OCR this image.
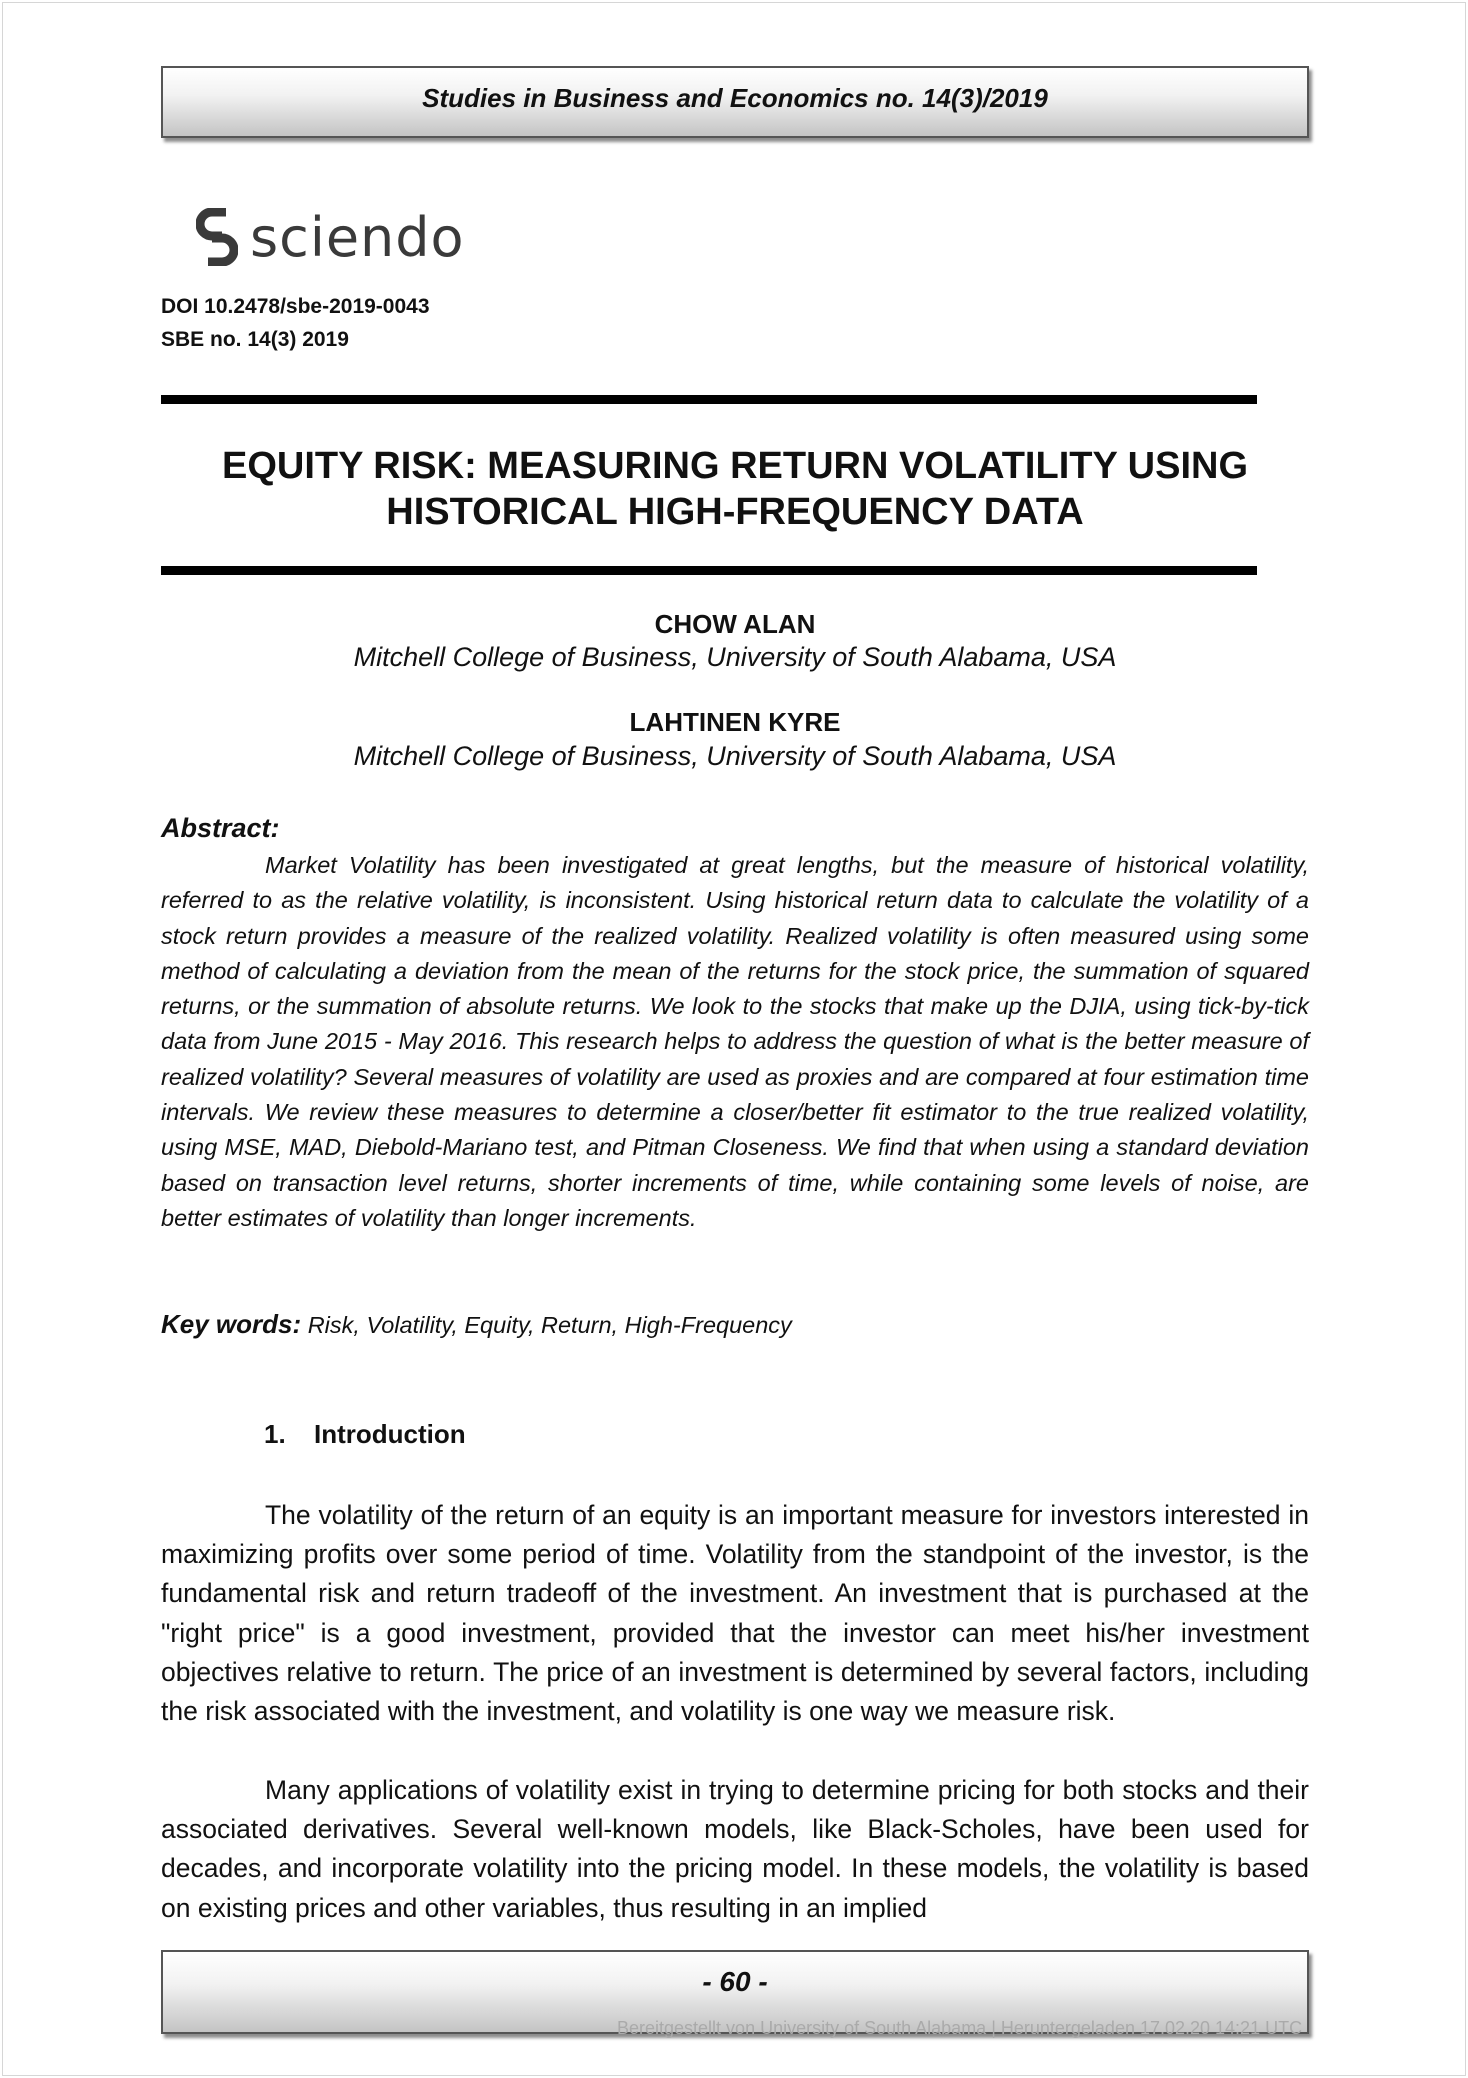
Studies in Business and Economics no. 14(3)/2019
sciendo
DOI 10.2478/sbe-2019-0043
SBE no. 14(3) 2019
EQUITY RISK: MEASURING RETURN VOLATILITY USING
HISTORICAL HIGH-FREQUENCY DATA
CHOW ALAN
Mitchell College of Business, University of South Alabama, USA
LAHTINEN KYRE
Mitchell College of Business, University of South Alabama, USA
Abstract:

Market Volatility has been investigated at great lengths, but the measure of historical volatility, referred to as the relative volatility, is inconsistent. Using historical return data to calculate the volatility of a stock return provides a measure of the realized volatility. Realized volatility is often measured using some method of calculating a deviation from the mean of the returns for the stock price, the summation of squared returns, or the summation of absolute returns. We look to the stocks that make up the DJIA, using tick-by-tick data from June 2015 - May 2016. This research helps to address the question of what is the better measure of realized volatility? Several measures of volatility are used as proxies and are compared at four estimation time intervals. We review these measures to determine a closer/better fit estimator to the true realized volatility, using MSE, MAD, Diebold-Mariano test, and Pitman Closeness. We find that when using a standard deviation based on transaction level returns, shorter increments of time, while containing some levels of noise, are better estimates of volatility than longer increments.

Key words: Risk, Volatility, Equity, Return, High-Frequency
1. Introduction

The volatility of the return of an equity is an important measure for investors interested in maximizing profits over some period of time. Volatility from the standpoint of the investor, is the fundamental risk and return tradeoff of the investment. An investment that is purchased at the "right price" is a good investment, provided that the investor can meet his/her investment objectives relative to return. The price of an investment is determined by several factors, including the risk associated with the investment, and volatility is one way we measure risk.

Many applications of volatility exist in trying to determine pricing for both stocks and their associated derivatives. Several well-known models, like Black-Scholes, have been used for decades, and incorporate volatility into the pricing model. In these models, the volatility is based on existing prices and other variables, thus resulting in an implied

- 60 -
Bereitgestellt von University of South Alabama | Heruntergeladen 17.02.20 14:21 UTC
